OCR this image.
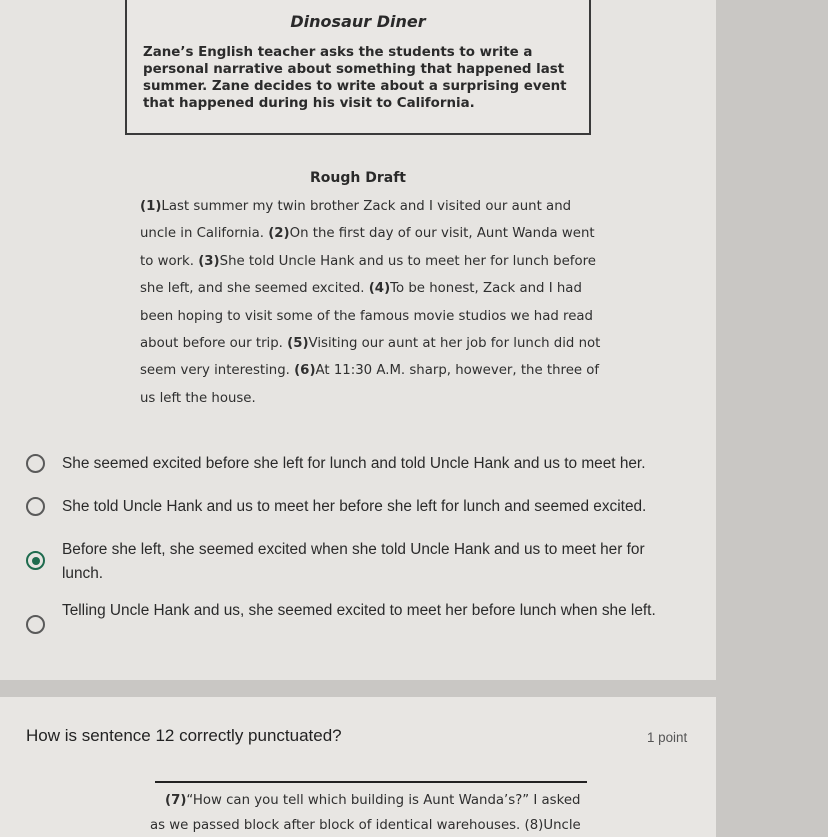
Dinosaur Diner
Zane’s English teacher asks the students to write a personal narrative about something that happened last summer. Zane decides to write about a surprising event that happened during his visit to California.
Rough Draft
(1)Last summer my twin brother Zack and I visited our aunt and uncle in California. (2)On the first day of our visit, Aunt Wanda went to work. (3)She told Uncle Hank and us to meet her for lunch before she left, and she seemed excited. (4)To be honest, Zack and I had been hoping to visit some of the famous movie studios we had read about before our trip. (5)Visiting our aunt at her job for lunch did not seem very interesting. (6)At 11:30 A.M. sharp, however, the three of us left the house.
She seemed excited before she left for lunch and told Uncle Hank and us to meet her.
She told Uncle Hank and us to meet her before she left for lunch and seemed excited.
Before she left, she seemed excited when she told Uncle Hank and us to meet her for lunch.
Telling Uncle Hank and us, she seemed excited to meet her before lunch when she left.
How is sentence 12 correctly punctuated?	1 point
(7)“How can you tell which building is Aunt Wanda’s?” I asked
as we passed block after block of identical warehouses. (8)Uncle
